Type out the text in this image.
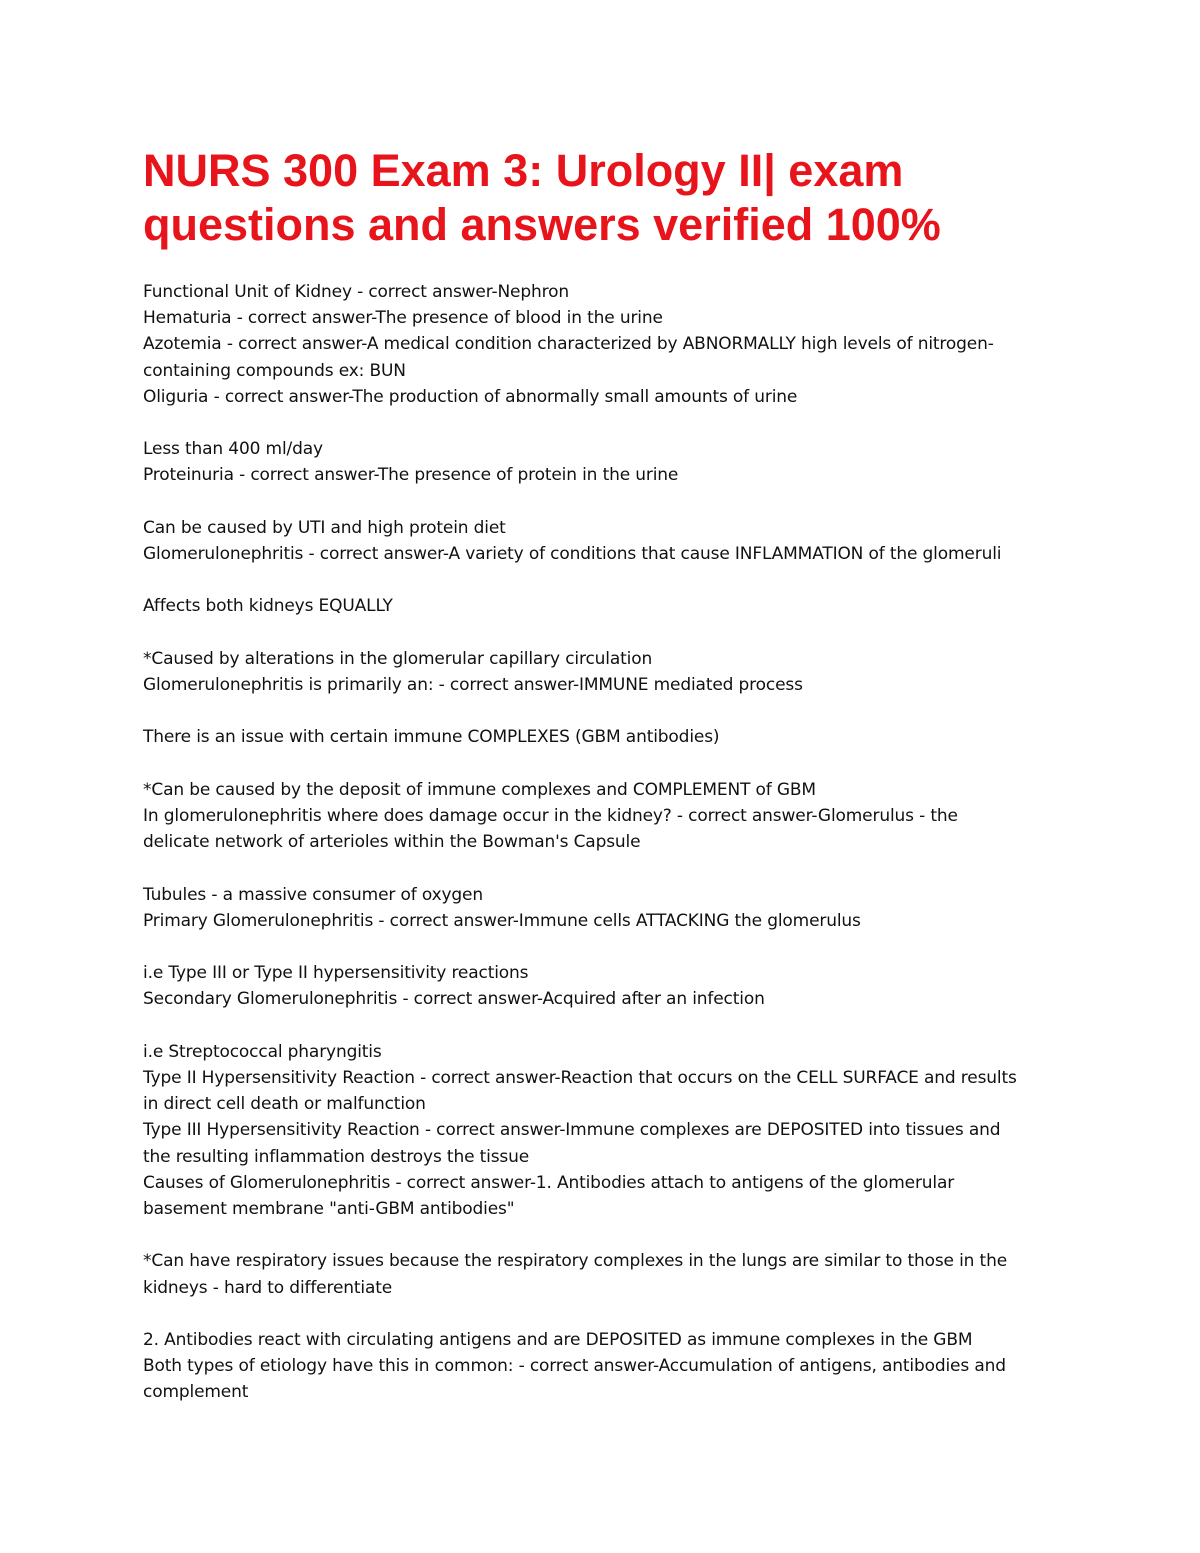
NURS 300 Exam 3: Urology II| exam
questions and answers verified 100%
Functional Unit of Kidney - correct answer-Nephron
Hematuria - correct answer-The presence of blood in the urine
Azotemia - correct answer-A medical condition characterized by ABNORMALLY high levels of nitrogen-
containing compounds ex: BUN
Oliguria - correct answer-The production of abnormally small amounts of urine
Less than 400 ml/day
Proteinuria - correct answer-The presence of protein in the urine
Can be caused by UTI and high protein diet
Glomerulonephritis - correct answer-A variety of conditions that cause INFLAMMATION of the glomeruli
Affects both kidneys EQUALLY
*Caused by alterations in the glomerular capillary circulation
Glomerulonephritis is primarily an: - correct answer-IMMUNE mediated process
There is an issue with certain immune COMPLEXES (GBM antibodies)
*Can be caused by the deposit of immune complexes and COMPLEMENT of GBM
In glomerulonephritis where does damage occur in the kidney? - correct answer-Glomerulus - the
delicate network of arterioles within the Bowman's Capsule
Tubules - a massive consumer of oxygen
Primary Glomerulonephritis - correct answer-Immune cells ATTACKING the glomerulus
i.e Type III or Type II hypersensitivity reactions
Secondary Glomerulonephritis - correct answer-Acquired after an infection
i.e Streptococcal pharyngitis
Type II Hypersensitivity Reaction - correct answer-Reaction that occurs on the CELL SURFACE and results
in direct cell death or malfunction
Type III Hypersensitivity Reaction - correct answer-Immune complexes are DEPOSITED into tissues and
the resulting inflammation destroys the tissue
Causes of Glomerulonephritis - correct answer-1. Antibodies attach to antigens of the glomerular
basement membrane "anti-GBM antibodies"
*Can have respiratory issues because the respiratory complexes in the lungs are similar to those in the
kidneys - hard to differentiate
2. Antibodies react with circulating antigens and are DEPOSITED as immune complexes in the GBM
Both types of etiology have this in common: - correct answer-Accumulation of antigens, antibodies and
complement
